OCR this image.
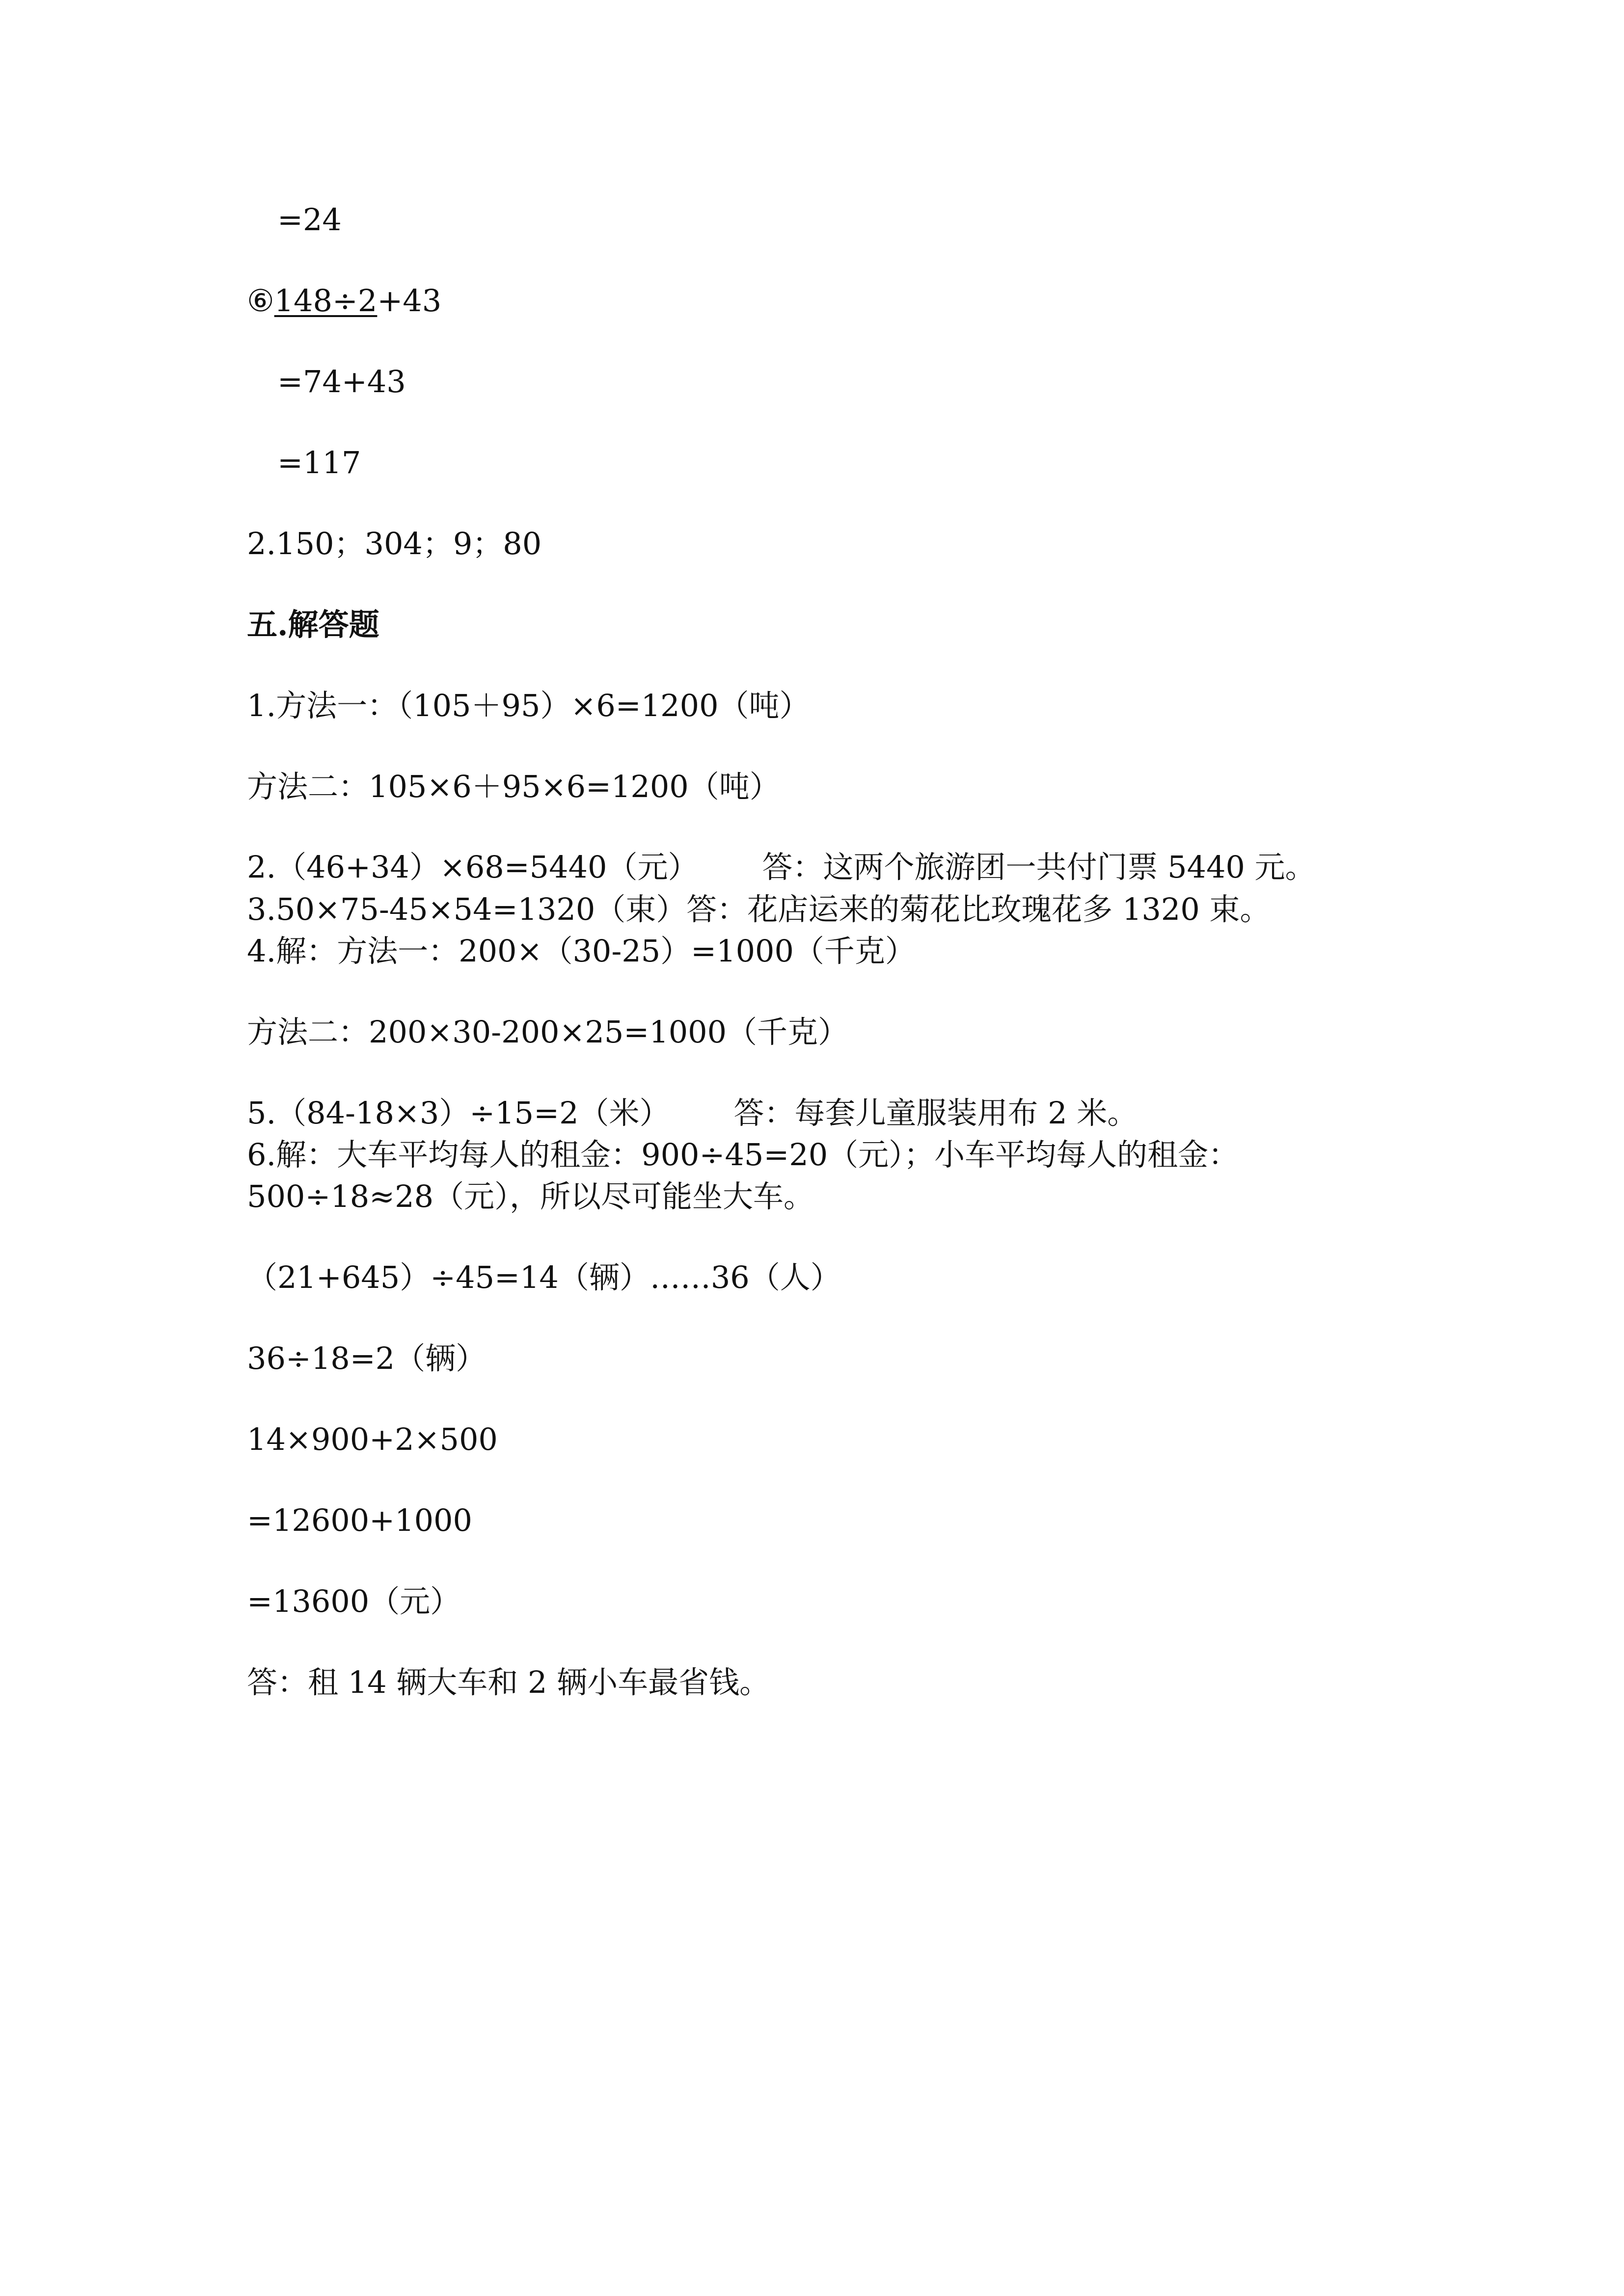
=24
⑥148÷2+43
=74+43
=117
2.150；304；9；80
五.解答题
1.方法一：（105＋95）×6=1200（吨）
方法二：105×6＋95×6=1200（吨）
2.（46+34）×68=5440（元） 答：这两个旅游团一共付门票 5440 元。
3.50×75-45×54=1320（束）答：花店运来的菊花比玫瑰花多 1320 束。
4.解：方法一：200×（30-25）=1000（千克）
方法二：200×30-200×25=1000（千克）
5.（84-18×3）÷15=2（米） 答：每套儿童服装用布 2 米。
6.解：大车平均每人的租金：900÷45=20（元）；小车平均每人的租金：
500÷18≈28（元），所以尽可能坐大车。
（21+645）÷45=14（辆）……36（人）
36÷18=2（辆）
14×900+2×500
=12600+1000
=13600（元）
答：租 14 辆大车和 2 辆小车最省钱。
